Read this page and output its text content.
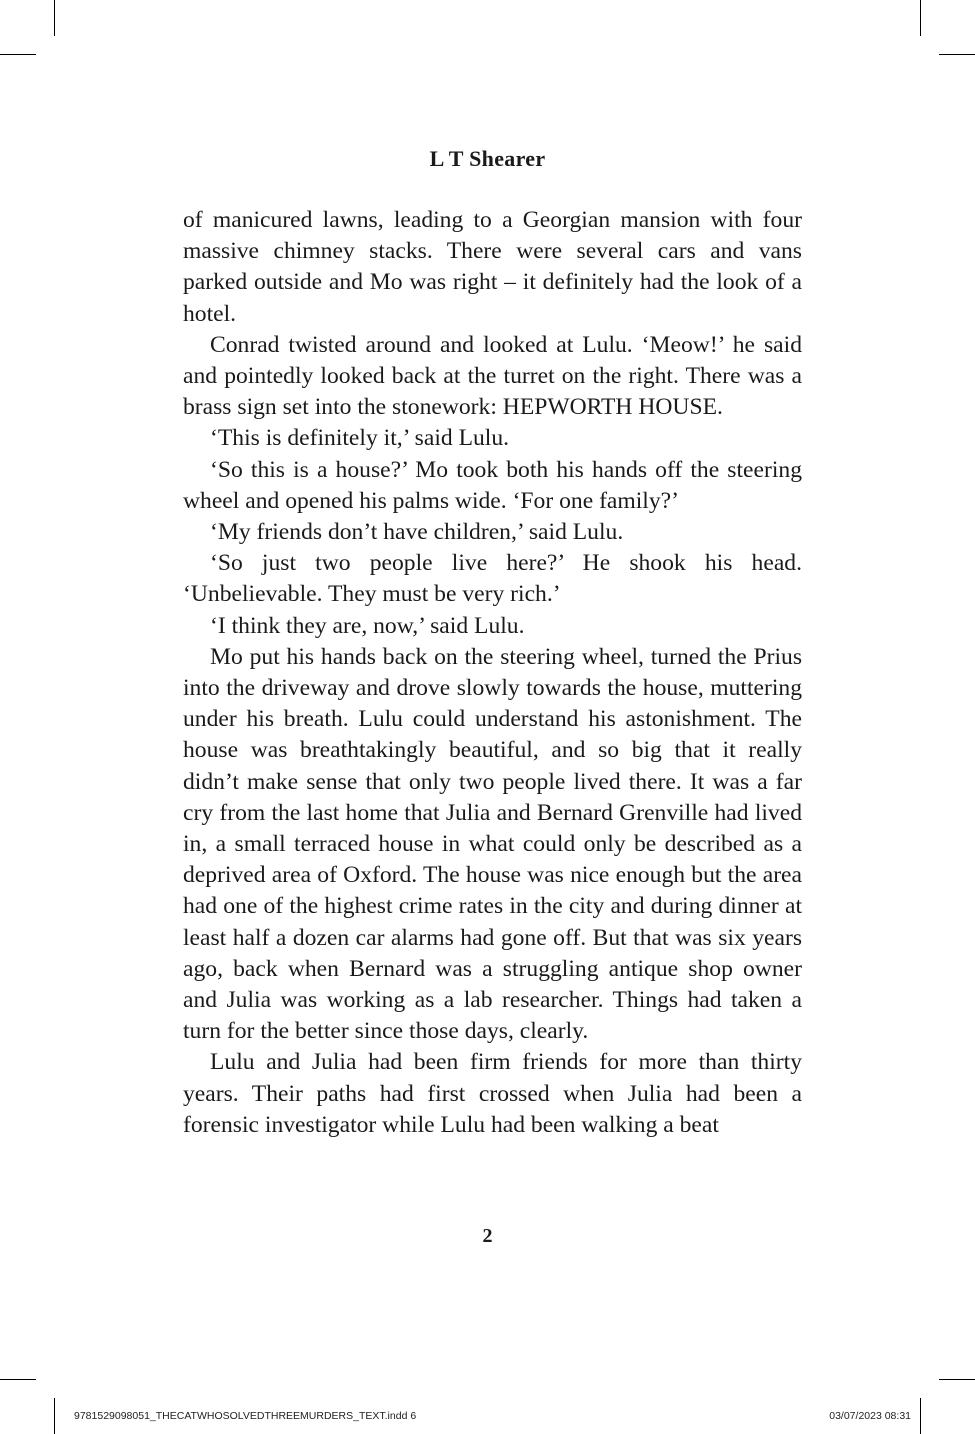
L T Shearer

of manicured lawns, leading to a Georgian mansion with four massive chimney stacks. There were several cars and vans parked outside and Mo was right – it definitely had the look of a hotel.

Conrad twisted around and looked at Lulu. ‘Meow!’ he said and pointedly looked back at the turret on the right. There was a brass sign set into the stonework: HEPWORTH HOUSE.

‘This is definitely it,’ said Lulu.

‘So this is a house?’ Mo took both his hands off the steering wheel and opened his palms wide. ‘For one family?’

‘My friends don’t have children,’ said Lulu.

‘So just two people live here?’ He shook his head. ‘Unbelievable. They must be very rich.’

‘I think they are, now,’ said Lulu.

Mo put his hands back on the steering wheel, turned the Prius into the driveway and drove slowly towards the house, muttering under his breath. Lulu could understand his astonishment. The house was breathtakingly beautiful, and so big that it really didn’t make sense that only two people lived there. It was a far cry from the last home that Julia and Bernard Grenville had lived in, a small terraced house in what could only be described as a deprived area of Oxford. The house was nice enough but the area had one of the highest crime rates in the city and during dinner at least half a dozen car alarms had gone off. But that was six years ago, back when Bernard was a struggling antique shop owner and Julia was working as a lab researcher. Things had taken a turn for the better since those days, clearly.

Lulu and Julia had been firm friends for more than thirty years. Their paths had first crossed when Julia had been a forensic investigator while Lulu had been walking a beat

2
9781529098051_THECATWHOSOLVEDTHREEMURDERS_TEXT.indd 6	03/07/2023 08:31
